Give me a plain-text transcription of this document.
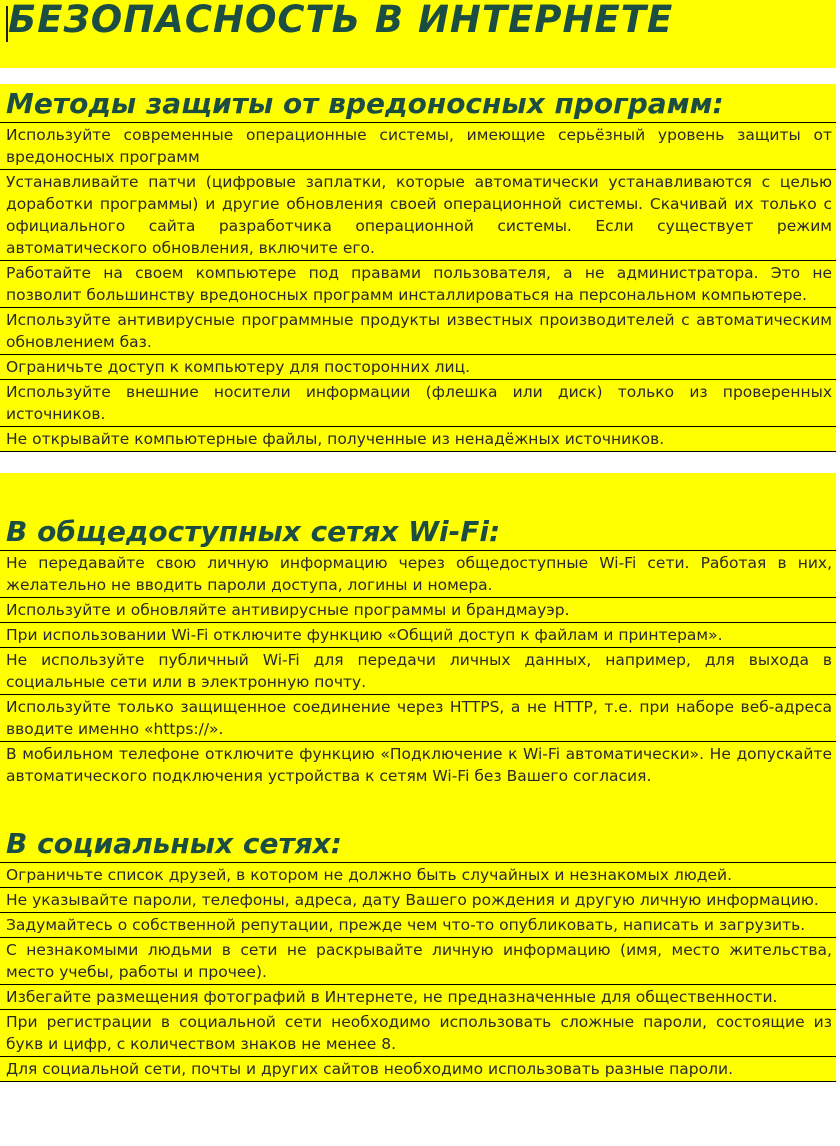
БЕЗОПАСНОСТЬ В ИНТЕРНЕТЕ
Методы защиты от вредоносных программ:
Используйте современные операционные системы, имеющие серьёзный уровень защиты от вредоносных программ
Устанавливайте патчи (цифровые заплатки, которые автоматически устанавливаются с целью доработки программы) и другие обновления своей операционной системы. Скачивай их только с официального сайта разработчика операционной системы. Если существует режим автоматического обновления, включите его.
Работайте на своем компьютере под правами пользователя, а не администратора. Это не позволит большинству вредоносных программ инсталлироваться на персональном компьютере.
Используйте антивирусные программные продукты известных производителей с автоматическим обновлением баз.
Ограничьте доступ к компьютеру для посторонних лиц.
Используйте внешние носители информации (флешка или диск) только из проверенных источников.
Не открывайте компьютерные файлы, полученные из ненадёжных источников.
В общедоступных сетях Wi-Fi:
Не передавайте свою личную информацию через общедоступные Wi-Fi сети. Работая в них, желательно не вводить пароли доступа, логины и номера.
Используйте и обновляйте антивирусные программы и брандмауэр.
При использовании Wi-Fi отключите функцию «Общий доступ к файлам и принтерам».
Не используйте публичный Wi-Fi для передачи личных данных, например, для выхода в социальные сети или в электронную почту.
Используйте только защищенное соединение через HTTPS, а не HTTP, т.е. при наборе веб-адреса вводите именно «https://».
В мобильном телефоне отключите функцию «Подключение к Wi-Fi автоматически». Не допускайте автоматического подключения устройства к сетям Wi-Fi без Вашего согласия.
В социальных сетях:
Ограничьте список друзей, в котором не должно быть случайных и незнакомых людей.
Не указывайте пароли, телефоны, адреса, дату Вашего рождения и другую личную информацию.
Задумайтесь о собственной репутации, прежде чем что-то опубликовать, написать и загрузить.
С незнакомыми людьми в сети не раскрывайте личную информацию (имя, место жительства, место учебы, работы и прочее).
Избегайте размещения фотографий в Интернете, не предназначенные для общественности.
При регистрации в социальной сети необходимо использовать сложные пароли, состоящие из букв и цифр, с количеством знаков не менее 8.
Для социальной сети, почты и других сайтов необходимо использовать разные пароли.
